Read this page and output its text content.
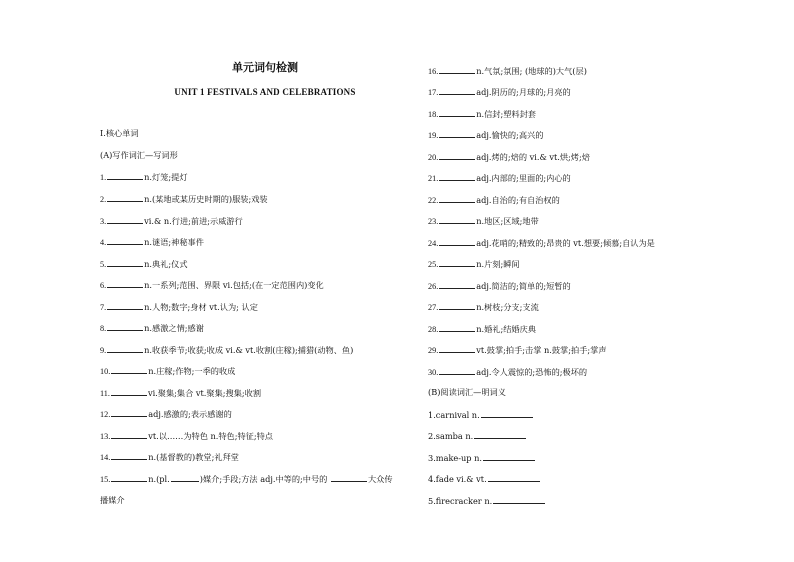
单元词句检测
UNIT 1 FESTIVALS AND CELEBRATIONS
Ⅰ.核心单词
(A)写作词汇—写词形
1.	n.灯笼;提灯
2.	n.(某地或某历史时期的)服装;戏装
3.	vi.& n.行进;前进;示威游行
4.	n.谜语;神秘事件
5.	n.典礼;仪式
6.	n.一系列;范围、界限 vi.包括;(在一定范围内)变化
7.	n.人物;数字;身材 vt.认为; 认定
8.	n.感激之情;感谢
9.	n.收获季节;收获;收成 vi.& vt.收割(庄稼);捕猎(动物、鱼)
10.	n.庄稼;作物;一季的收成
11.	vi.聚集;集合 vt.聚集;搜集;收割
12.	adj.感激的;表示感谢的
13.	vt.以……为特色 n.特色;特征;特点
14.	n.(基督教的)教堂;礼拜堂
15.	n.(pl.	)媒介;手段;方法 adj.中等的;中号的	大众传
播媒介
16.	n.气氛;氛围; (地球的)大气(层)
17.	adj.阴历的;月球的;月亮的
18.	n.信封;塑料封套
19.	adj.愉快的;高兴的
20.	adj.烤的;焙的 vi.& vt.烘;烤;焙
21.	adj.内部的;里面的;内心的
22.	adj.自治的;有自治权的
23.	n.地区;区域;地带
24.	adj.花哨的;精致的;昂贵的 vt.想要;倾慕;自认为是
25.	n.片刻;瞬间
26.	adj.简洁的;简单的;短暂的
27.	n.树枝;分支;支流
28.	n.婚礼;结婚庆典
29.	vt.鼓掌;拍手;击掌 n.鼓掌;拍手;掌声
30.	adj.令人震惊的;恐怖的;极坏的
(B)阅读词汇—明词义
1.carnival n.
2.samba n.
3.make-up n.
4.fade vi.& vt.
5.firecracker n.
